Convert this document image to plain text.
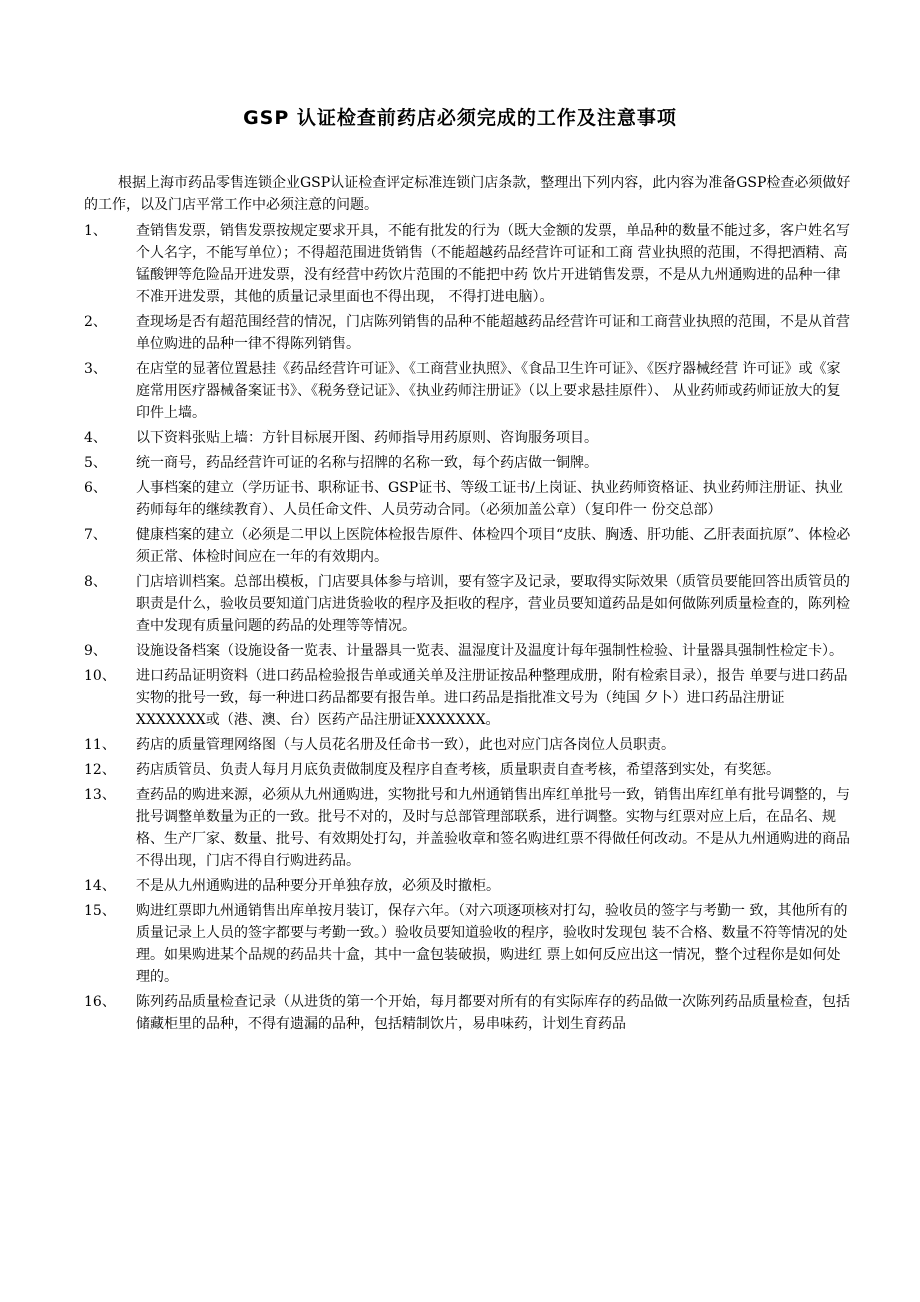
GSP 认证检查前药店必须完成的工作及注意事项

根据上海市药品零售连锁企业GSP认证检查评定标准连锁门店条款，整理出下列内容，此内容为准备GSP检查必须做好的工作，以及门店平常工作中必须注意的问题。

1、	查销售发票，销售发票按规定要求开具，不能有批发的行为（既大金额的发票，单品种的数量不能过多，客户姓名写个人名字，不能写单位）；不得超范围进货销售（不能超越药品经营许可证和工商 营业执照的范围，不得把酒精、高锰酸钾等危险品开进发票，没有经营中药饮片范围的不能把中药 饮片开进销售发票，不是从九州通购进的品种一律不准开进发票，其他的质量记录里面也不得出现， 不得打进电脑）。
2、	查现场是否有超范围经营的情况，门店陈列销售的品种不能超越药品经营许可证和工商营业执照的范围，不是从首营单位购进的品种一律不得陈列销售。
3、	在店堂的显著位置悬挂《药品经营许可证》、《工商营业执照》、《食品卫生许可证》、《医疗器械经营 许可证》或《家庭常用医疗器械备案证书》、《税务登记证》、《执业药师注册证》（以上要求悬挂原件）、 从业药师或药师证放大的复印件上墙。
4、	以下资料张贴上墙：方针目标展开图、药师指导用药原则、咨询服务项目。
5、	统一商号，药品经营许可证的名称与招牌的名称一致，每个药店做一铜牌。
6、	人事档案的建立（学历证书、职称证书、GSP证书、等级工证书/上岗证、执业药师资格证、执业药师注册证、执业药师每年的继续教育）、人员任命文件、人员劳动合同。（必须加盖公章）（复印件一 份交总部）
7、	健康档案的建立（必须是二甲以上医院体检报告原件、体检四个项目“皮肤、胸透、肝功能、乙肝表面抗原”、体检必须正常、体检时间应在一年的有效期内。
8、	门店培训档案。总部出模板，门店要具体参与培训，要有签字及记录，要取得实际效果（质管员要能回答出质管员的职责是什么，验收员要知道门店进货验收的程序及拒收的程序，营业员要知道药品是如何做陈列质量检查的，陈列检查中发现有质量问题的药品的处理等等情况。
9、	设施设备档案（设施设备一览表、计量器具一览表、温湿度计及温度计每年强制性检验、计量器具强制性检定卡）。
10、	进口药品证明资料（进口药品检验报告单或通关单及注册证按品种整理成册，附有检索目录），报告 单要与进口药品实物的批号一致，每一种进口药品都要有报告单。进口药品是指批准文号为（纯国 夕卜）进口药品注册证XXXXXXX或（港、澳、台）医药产品注册证XXXXXXX。
11、	药店的质量管理网络图（与人员花名册及任命书一致），此也对应门店各岗位人员职责。
12、	药店质管员、负责人每月月底负责做制度及程序自查考核，质量职责自查考核，希望落到实处，有奖惩。
13、	查药品的购进来源，必须从九州通购进，实物批号和九州通销售出库红单批号一致，销售出库红单有批号调整的，与批号调整单数量为正的一致。批号不对的，及时与总部管理部联系，进行调整。实物与红票对应上后，在品名、规格、生产厂家、数量、批号、有效期处打勾，并盖验收章和签名购进红票不得做任何改动。不是从九州通购进的商品不得出现，门店不得自行购进药品。
14、	不是从九州通购进的品种要分开单独存放，必须及时撤柜。
15、	购进红票即九州通销售出库单按月装订，保存六年。（对六项逐项核对打勾，验收员的签字与考勤一 致，其他所有的质量记录上人员的签字都要与考勤一致。）验收员要知道验收的程序，验收时发现包 装不合格、数量不符等情况的处理。如果购进某个品规的药品共十盒，其中一盒包装破损，购进红 票上如何反应出这一情况，整个过程你是如何处理的。
16、	陈列药品质量检查记录（从进货的第一个开始，每月都要对所有的有实际库存的药品做一次陈列药品质量检查，包括储藏柜里的品种，不得有遗漏的品种，包括精制饮片，易串味药，计划生育药品
